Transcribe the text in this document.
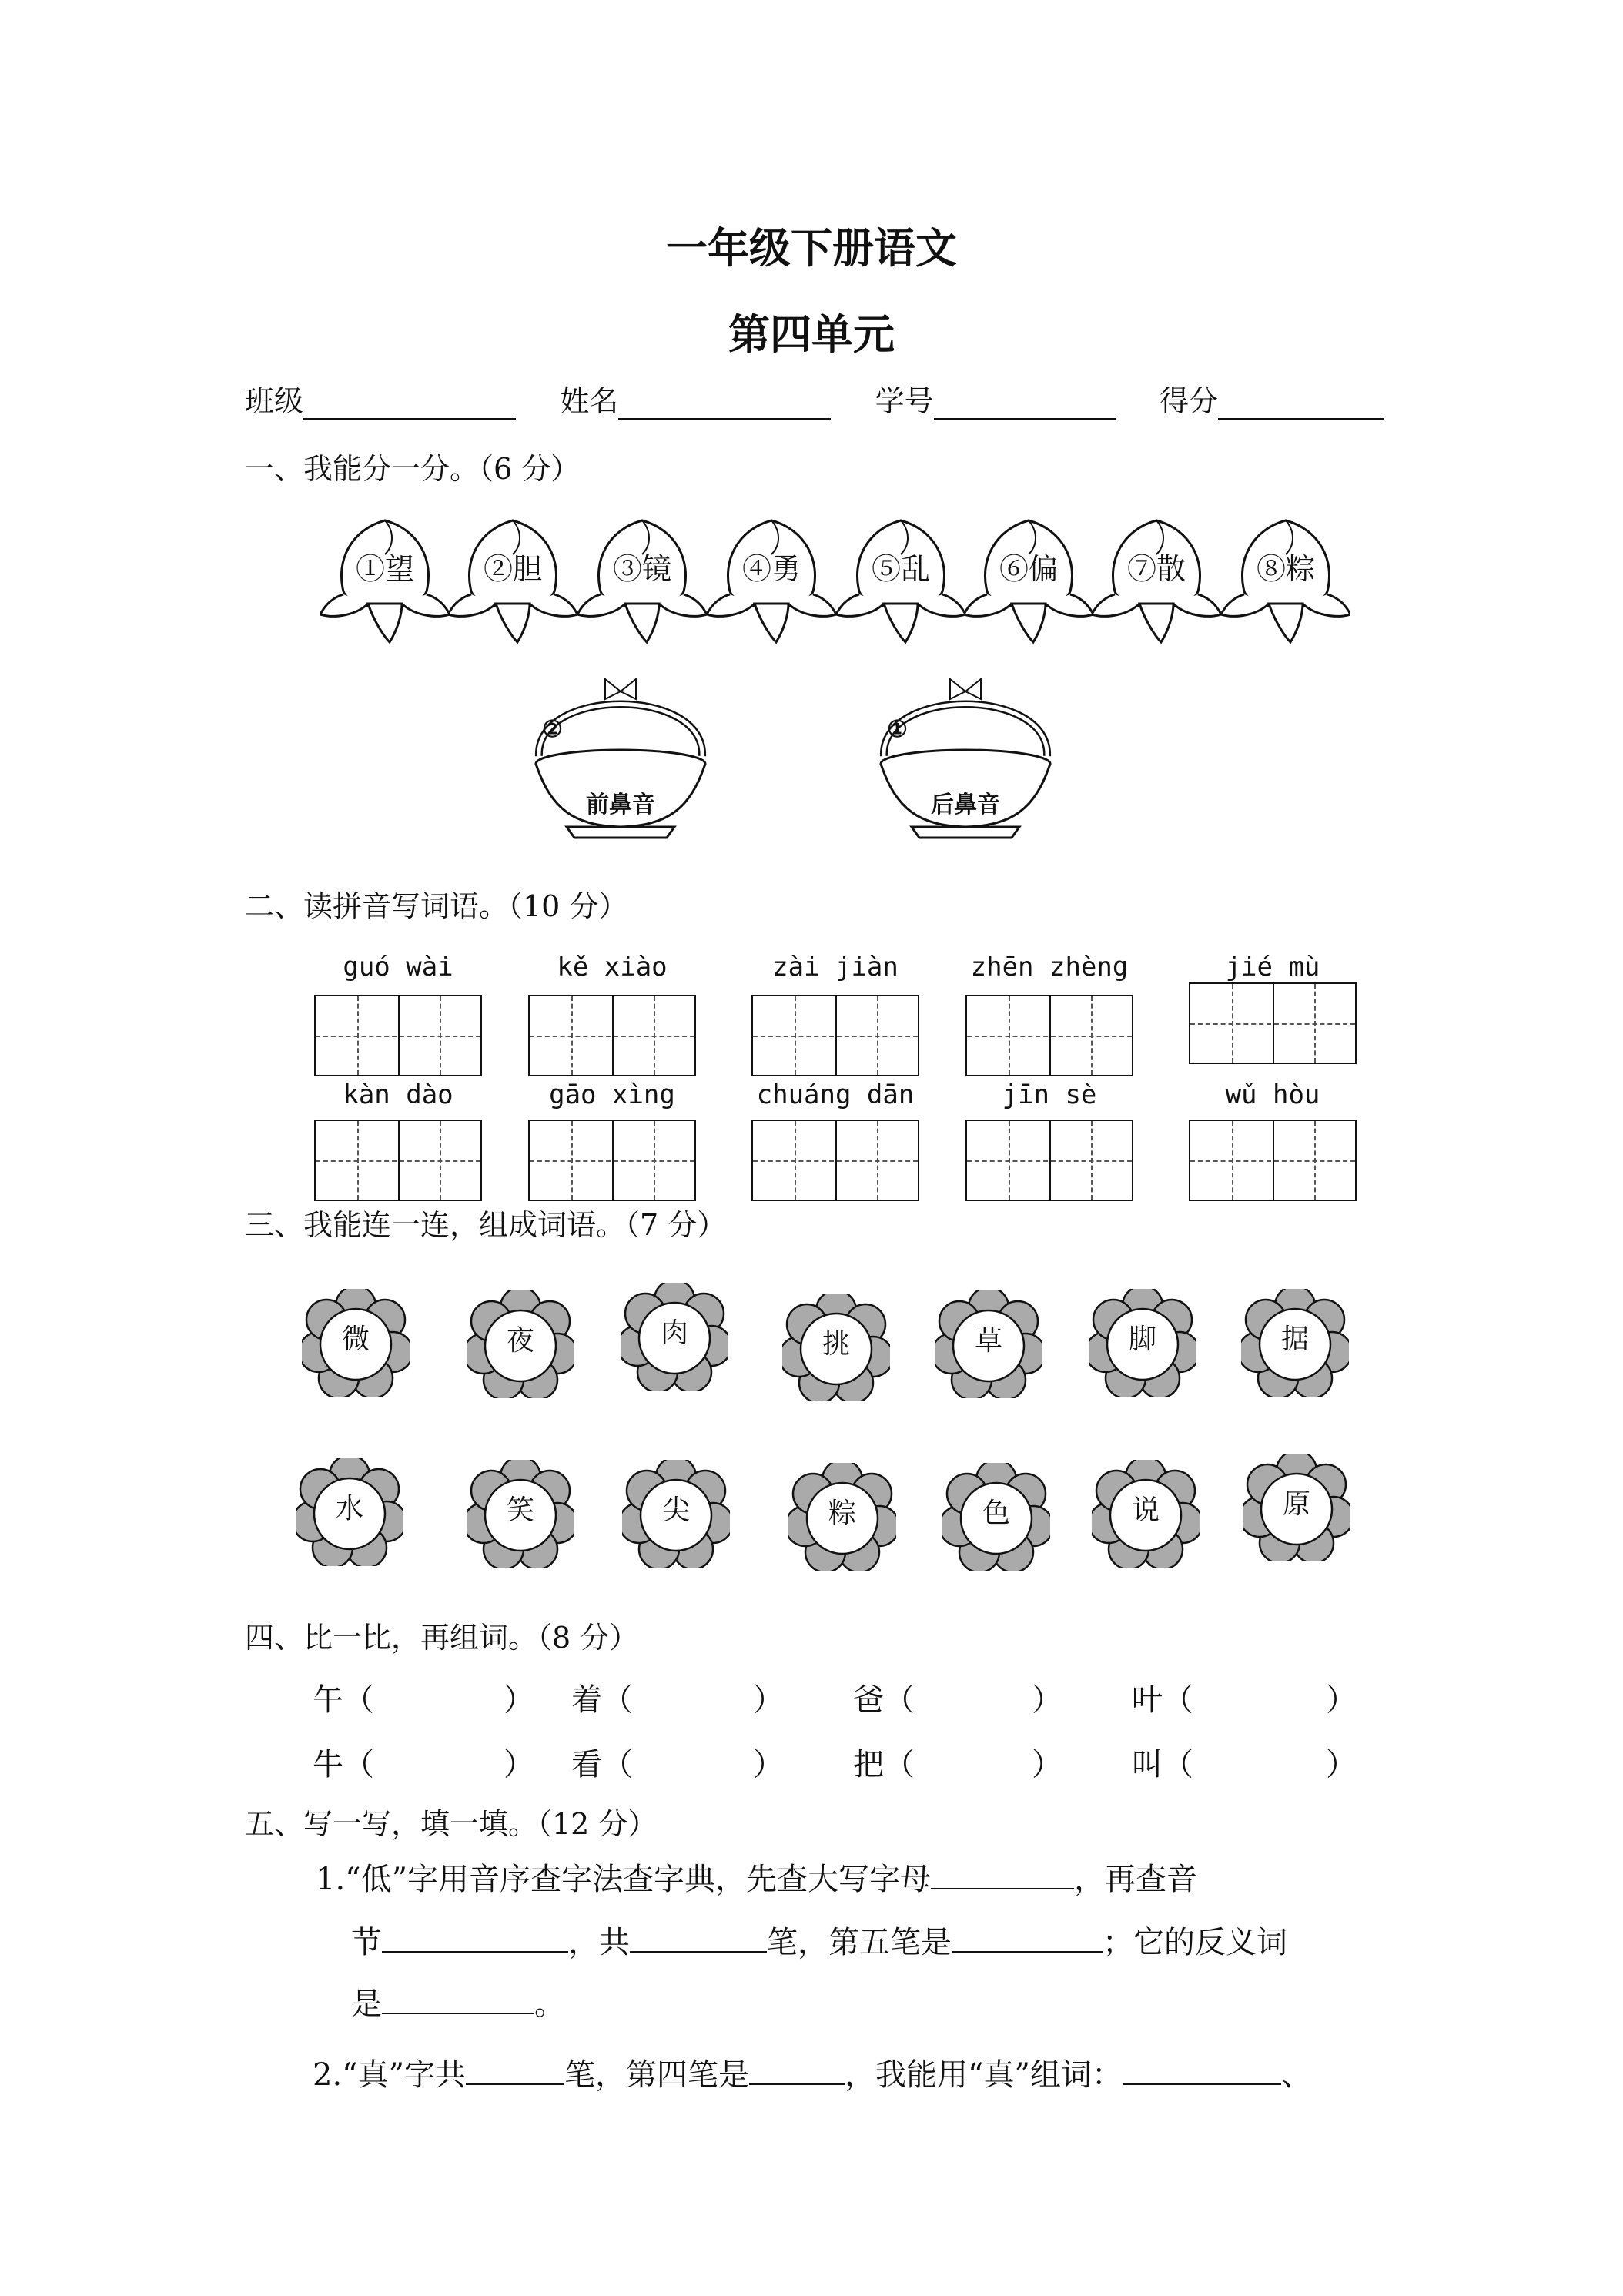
一年级下册语文
第四单元
班级	姓名	学号	得分
一、我能分一分。（6 分）
①望	②胆	③镜	④勇	⑤乱	⑥偏	⑦散	⑧粽
②
前鼻音
①
后鼻音
二、读拼音写词语。（10 分）
guó wài	kě xiào	zài jiàn	zhēn zhèng	jié mù
kàn dào	gāo xìng	chuáng dān	jīn sè	wǔ hòu
三、我能连一连，组成词语。（7 分）
微	夜	肉	挑	草	脚	据
水	笑	尖	粽	色	说	原
四、比一比，再组词。（8 分）
午（	） 着（	） 爸（	） 叶（	）
牛（	） 看（	） 把（	） 叫（	）
五、写一写，填一填。（12 分）
1.“低”字用音序查字法查字典，先查大写字母	，再查音
节	，共	笔，第五笔是	；它的反义词
是	。
2.“真”字共	笔，第四笔是	，我能用“真”组词：	、
